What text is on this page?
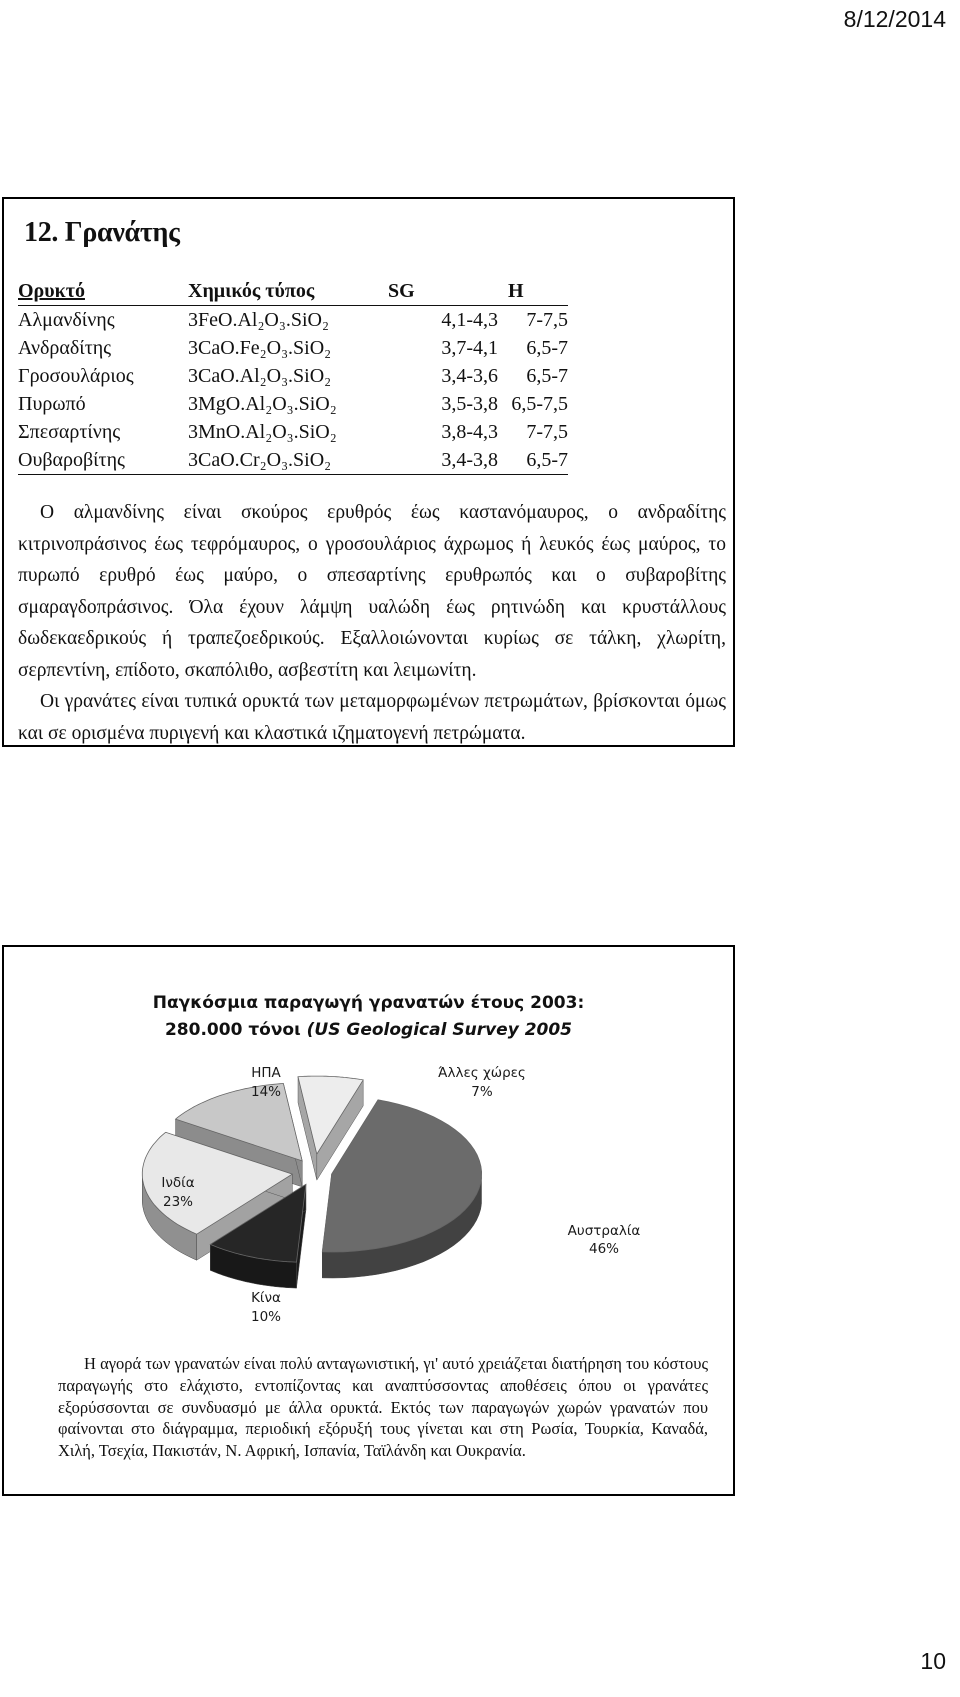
8/12/2014
12. Γρανάτης
Ορυκτό	Χημικός τύπος	SG	H
Αλμανδίνης	3FeO.Al₂O₃.SiO₂	4,1-4,3	7-7,5
Ανδραδίτης	3CaO.Fe₂O₃.SiO₂	3,7-4,1	6,5-7
Γροσουλάριος	3CaO.Al₂O₃.SiO₂	3,4-3,6	6,5-7
Πυρωπό	3MgO.Al₂O₃.SiO₂	3,5-3,8	6,5-7,5
Σπεσαρτίνης	3MnO.Al₂O₃.SiO₂	3,8-4,3	7-7,5
Ουβαροβίτης	3CaO.Cr₂O₃.SiO₂	3,4-3,8	6,5-7

Ο αλμανδίνης είναι σκούρος ερυθρός έως καστανόμαυρος, ο ανδραδίτης κιτρινοπράσινος έως τεφρόμαυρος, ο γροσουλάριος άχρωμος ή λευκός έως μαύρος, το πυρωπό ερυθρό έως μαύρο, ο σπεσαρτίνης ερυθρωπός και ο συβαροβίτης σμαραγδοπράσινος. Όλα έχουν λάμψη υαλώδη έως ρητινώδη και κρυστάλλους δωδεκαεδρικούς ή τραπεζοεδρικούς. Εξαλλοιώνονται κυρίως σε τάλκη, χλωρίτη, σερπεντίνη, επίδοτο, σκαπόλιθο, ασβεστίτη και λειμωνίτη.

Οι γρανάτες είναι τυπικά ορυκτά των μεταμορφωμένων πετρωμάτων, βρίσκονται όμως και σε ορισμένα πυριγενή και κλαστικά ιζηματογενή πετρώματα.

Παγκόσμια παραγωγή γρανατών έτους 2003:
280.000 τόνοι (US Geological Survey 2005
Αυστραλία
46%
Κίνα
10%
Ινδία
23%
ΗΠΑ
14%
Άλλες χώρες
7%
Η αγορά των γρανατών είναι πολύ ανταγωνιστική, γι' αυτό χρειάζεται διατήρηση του κόστους παραγωγής στο ελάχιστο, εντοπίζοντας και αναπτύσσοντας αποθέσεις όπου οι γρανάτες εξορύσσονται σε συνδυασμό με άλλα ορυκτά. Εκτός των παραγωγών χωρών γρανατών που φαίνονται στο διάγραμμα, περιοδική εξόρυξή τους γίνεται και στη Ρωσία, Τουρκία, Καναδά, Χιλή, Τσεχία, Πακιστάν, Ν. Αφρική, Ισπανία, Ταϊλάνδη και Ουκρανία.
10
